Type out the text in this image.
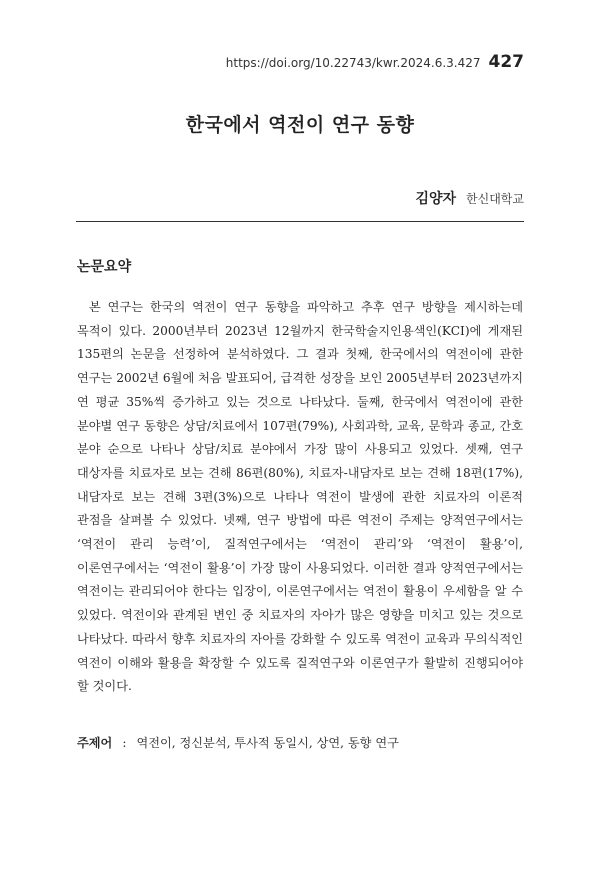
https://doi.org/10.22743/kwr.2024.6.3.427 427
한국에서 역전이 연구 동향
김양자 한신대학교
논문요약

본 연구는 한국의 역전이 연구 동향을 파악하고 추후 연구 방향을 제시하는데 목적이 있다. 2000년부터 2023년 12월까지 한국학술지인용색인(KCI)에 게재된 135편의 논문을 선정하여 분석하였다. 그 결과 첫째, 한국에서의 역전이에 관한 연구는 2002년 6월에 처음 발표되어, 급격한 성장을 보인 2005년부터 2023년까지 연 평균 35%씩 증가하고 있는 것으로 나타났다. 둘째, 한국에서 역전이에 관한 분야별 연구 동향은 상담/치료에서 107편(79%), 사회과학, 교육, 문학과 종교, 간호 분야 순으로 나타나 상담/치료 분야에서 가장 많이 사용되고 있었다. 셋째, 연구 대상자를 치료자로 보는 견해 86편(80%), 치료자-내담자로 보는 견해 18편(17%), 내담자로 보는 견해 3편(3%)으로 나타나 역전이 발생에 관한 치료자의 이론적 관점을 살펴볼 수 있었다. 넷째, 연구 방법에 따른 역전이 주제는 양적연구에서는 ‘역전이 관리 능력’이, 질적연구에서는 ‘역전이 관리’와 ‘역전이 활용’이, 이론연구에서는 ‘역전이 활용’이 가장 많이 사용되었다. 이러한 결과 양적연구에서는 역전이는 관리되어야 한다는 입장이, 이론연구에서는 역전이 활용이 우세함을 알 수 있었다. 역전이와 관계된 변인 중 치료자의 자아가 많은 영향을 미치고 있는 것으로 나타났다. 따라서 향후 치료자의 자아를 강화할 수 있도록 역전이 교육과 무의식적인 역전이 이해와 활용을 확장할 수 있도록 질적연구와 이론연구가 활발히 진행되어야 할 것이다.

주제어 : 역전이, 정신분석, 투사적 동일시, 상연, 동향 연구
